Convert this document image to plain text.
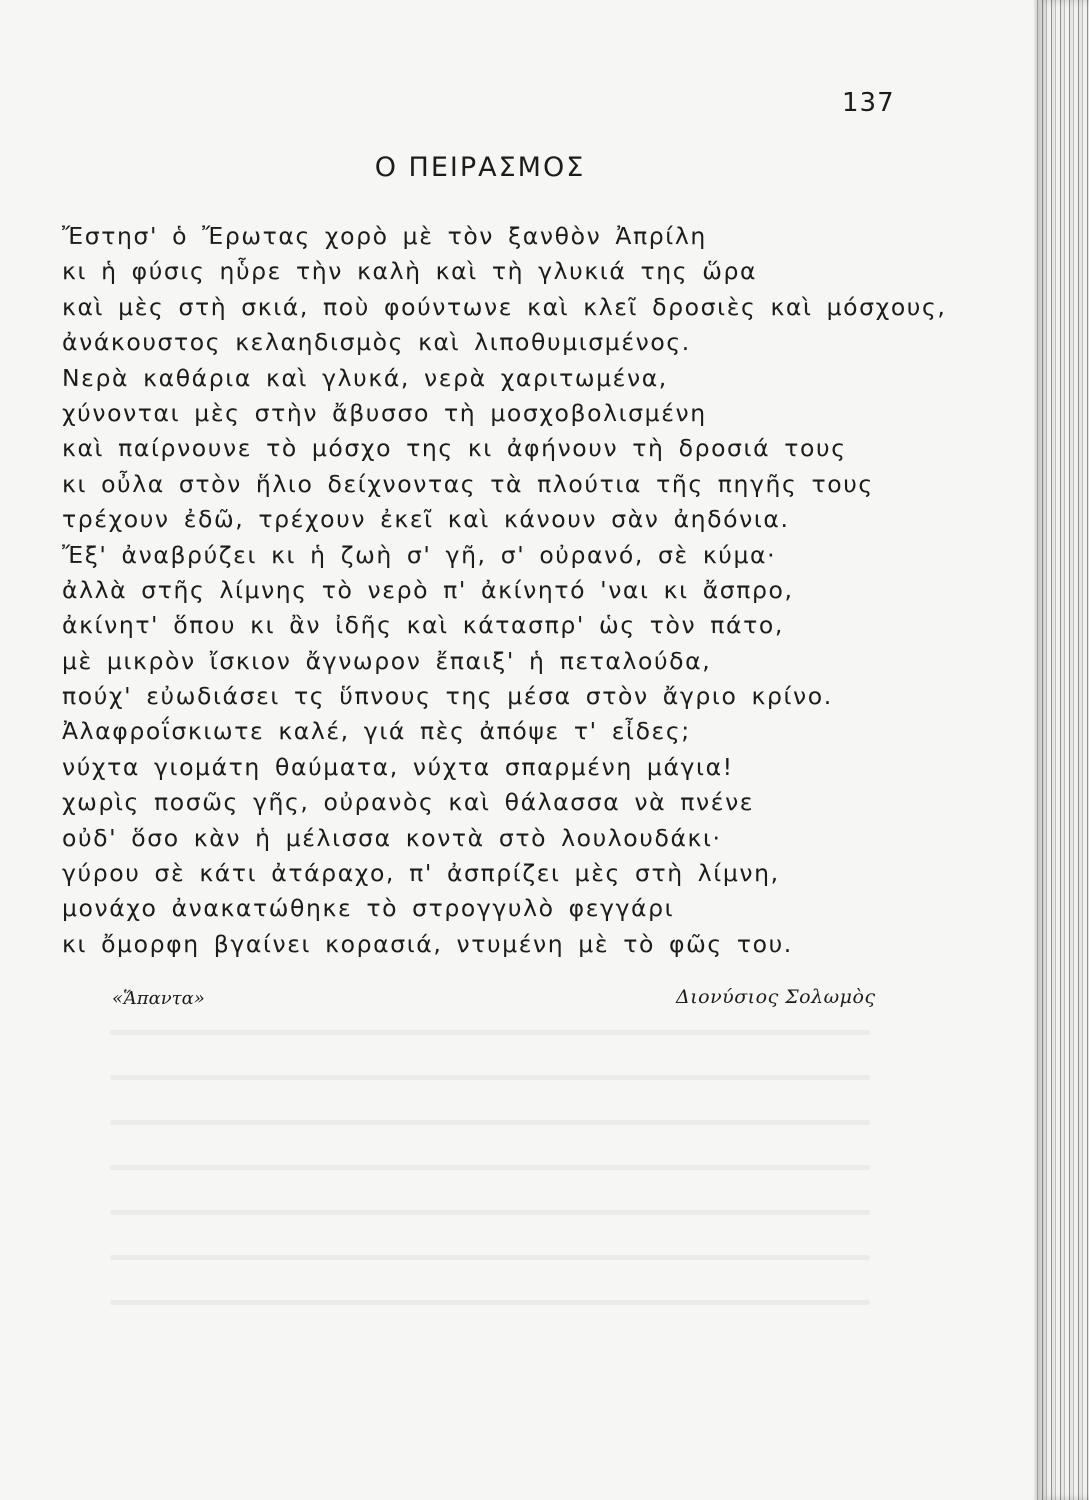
137
Ο ΠΕΙΡΑΣΜΟΣ
Ἔστησ' ὁ Ἔρωτας χορὸ μὲ τὸν ξανθὸν Ἀπρίλη
κι ἡ φύσις ηὗρε τὴν καλὴ καὶ τὴ γλυκιά της ὥρα
καὶ μὲς στὴ σκιά, ποὺ φούντωνε καὶ κλεῖ δροσιὲς καὶ μόσχους,
ἀνάκουστος κελαηδισμὸς καὶ λιποθυμισμένος.
Νερὰ καθάρια καὶ γλυκά, νερὰ χαριτωμένα,
χύνονται μὲς στὴν ἄβυσσο τὴ μοσχοβολισμένη
καὶ παίρνουνε τὸ μόσχο της κι ἀφήνουν τὴ δροσιά τους
κι οὖλα στὸν ἥλιο δείχνοντας τὰ πλούτια τῆς πηγῆς τους
τρέχουν ἐδῶ, τρέχουν ἐκεῖ καὶ κάνουν σὰν ἀηδόνια.
Ἔξ' ἀναβρύζει κι ἡ ζωὴ σ' γῆ, σ' οὐρανό, σὲ κύμα·
ἀλλὰ στῆς λίμνης τὸ νερὸ π' ἀκίνητό 'ναι κι ἄσπρο,
ἀκίνητ' ὅπου κι ἂν ἰδῆς καὶ κάτασπρ' ὡς τὸν πάτο,
μὲ μικρὸν ἴσκιον ἄγνωρον ἔπαιξ' ἡ πεταλούδα,
πούχ' εὐωδιάσει τς ὕπνους της μέσα στὸν ἄγριο κρίνο.
Ἀλαφροΐσκιωτε καλέ, γιά πὲς ἀπόψε τ' εἶδες;
νύχτα γιομάτη θαύματα, νύχτα σπαρμένη μάγια!
χωρὶς ποσῶς γῆς, οὐρανὸς καὶ θάλασσα νὰ πνένε
οὐδ' ὅσο κὰν ἡ μέλισσα κοντὰ στὸ λουλουδάκι·
γύρου σὲ κάτι ἀτάραχο, π' ἀσπρίζει μὲς στὴ λίμνη,
μονάχο ἀνακατώθηκε τὸ στρογγυλὸ φεγγάρι
κι ὄμορφη βγαίνει κορασιά, ντυμένη μὲ τὸ φῶς του.
«Ἅπαντα»	Διονύσιος Σολωμὸς
